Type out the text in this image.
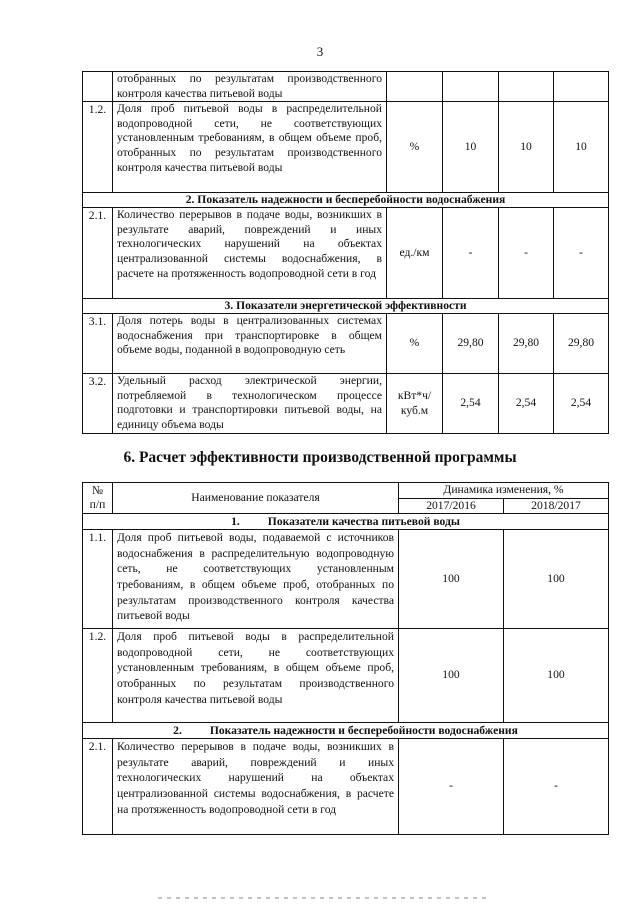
3
	отобранных по результатам производственного контроля качества питьевой воды				
1.2.	Доля проб питьевой воды в распределительной водопроводной сети, не соответствующих установленным требованиям, в общем объеме проб, отобранных по результатам производственного контроля качества питьевой воды	%	10	10	10
2. Показатель надежности и бесперебойности водоснабжения					
2.1.	Количество перерывов в подаче воды, возникших в результате аварий, повреждений и иных технологических нарушений на объектах централизованной системы водоснабжения, в расчете на протяженность водопроводной сети в год	ед./км	-	-	-
3. Показатели энергетической эффективности					
3.1.	Доля потерь воды в централизованных системах водоснабжения при транспортировке в общем объеме воды, поданной в водопроводную сеть	%	29,80	29,80	29,80
3.2.	Удельный расход электрической энергии, потребляемой в технологическом процессе подготовки и транспортировки питьевой воды, на единицу объема воды	кВт*ч/ куб.м	2,54	2,54	2,54
6. Расчет эффективности производственной программы
№
п/п	Наименование показателя	Динамика изменения, %	
		2017/2016	2018/2017
1. Показатели качества питьевой воды			
1.1.	Доля проб питьевой воды, подаваемой с источников водоснабжения в распределительную водопроводную сеть, не соответствующих установленным требованиям, в общем объеме проб, отобранных по результатам производственного контроля качества питьевой воды	100	100
1.2.	Доля проб питьевой воды в распределительной водопроводной сети, не соответствующих установленным требованиям, в общем объеме проб, отобранных по результатам производственного контроля качества питьевой воды	100	100
2. Показатель надежности и бесперебойности водоснабжения			
2.1.	Количество перерывов в подаче воды, возникших в результате аварий, повреждений и иных технологических нарушений на объектах централизованной системы водоснабжения, в расчете на протяженность водопроводной сети в год	-	-
